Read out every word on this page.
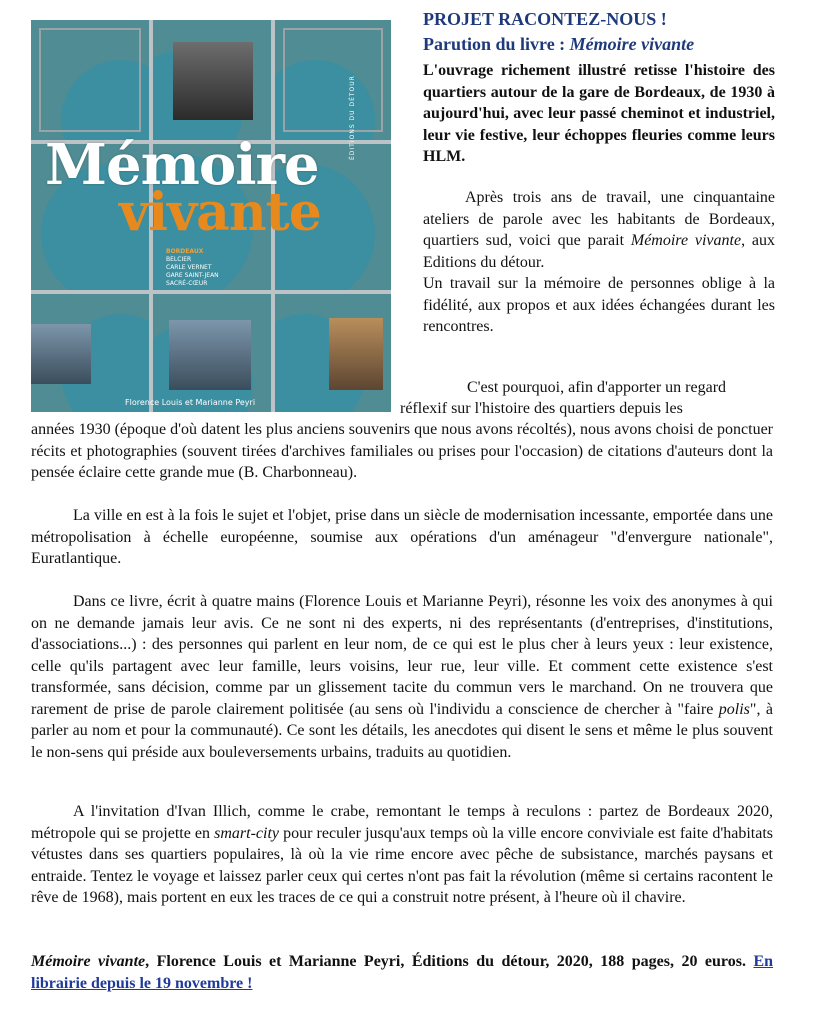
Mémoire
vivante
BORDEAUX
BELCIER
CARLE VERNET
GARE SAINT-JEAN
SACRÉ-CŒUR
ÉDITIONS DU DÉTOUR
Florence Louis et Marianne Peyri
PROJET RACONTEZ-NOUS !
Parution du livre : Mémoire vivante
L'ouvrage richement illustré retisse l'histoire des quartiers autour de la gare de Bordeaux, de 1930 à aujourd'hui, avec leur passé cheminot et industriel, leur vie festive, leur échoppes fleuries comme leurs HLM.

Après trois ans de travail, une cinquantaine ateliers de parole avec les habitants de Bordeaux, quartiers sud, voici que parait Mémoire vivante, aux Editions du détour.

Un travail sur la mémoire de personnes oblige à la fidélité, aux propos et aux idées échangées durant les rencontres.

C'est pourquoi, afin d'apporter un regard
réflexif sur l'histoire des quartiers depuis les

années 1930 (époque d'où datent les plus anciens souvenirs que nous avons récoltés), nous avons choisi de ponctuer récits et photographies (souvent tirées d'archives familiales ou prises pour l'occasion) de citations d'auteurs dont la pensée éclaire cette grande mue (B. Charbonneau).

La ville en est à la fois le sujet et l'objet, prise dans un siècle de modernisation incessante, emportée dans une métropolisation à échelle européenne, soumise aux opérations d'un aménageur "d'envergure nationale", Euratlantique.

Dans ce livre, écrit à quatre mains (Florence Louis et Marianne Peyri), résonne les voix des anonymes à qui on ne demande jamais leur avis. Ce ne sont ni des experts, ni des représentants (d'entreprises, d'institutions, d'associations...) : des personnes qui parlent en leur nom, de ce qui est le plus cher à leurs yeux : leur existence, celle qu'ils partagent avec leur famille, leurs voisins, leur rue, leur ville. Et comment cette existence s'est transformée, sans décision, comme par un glissement tacite du commun vers le marchand. On ne trouvera que rarement de prise de parole clairement politisée (au sens où l'individu a conscience de chercher à "faire polis", à parler au nom et pour la communauté). Ce sont les détails, les anecdotes qui disent le sens et même le plus souvent le non-sens qui préside aux bouleversements urbains, traduits au quotidien.

A l'invitation d'Ivan Illich, comme le crabe, remontant le temps à reculons : partez de Bordeaux 2020, métropole qui se projette en smart-city pour reculer jusqu'aux temps où la ville encore conviviale est faite d'habitats vétustes dans ses quartiers populaires, là où la vie rime encore avec pêche de subsistance, marchés paysans et entraide. Tentez le voyage et laissez parler ceux qui certes n'ont pas fait la révolution (même si certains racontent le rêve de 1968), mais portent en eux les traces de ce qui a construit notre présent, à l'heure où il chavire.

Mémoire vivante, Florence Louis et Marianne Peyri, Éditions du détour, 2020, 188 pages, 20 euros. En librairie depuis le 19 novembre !
